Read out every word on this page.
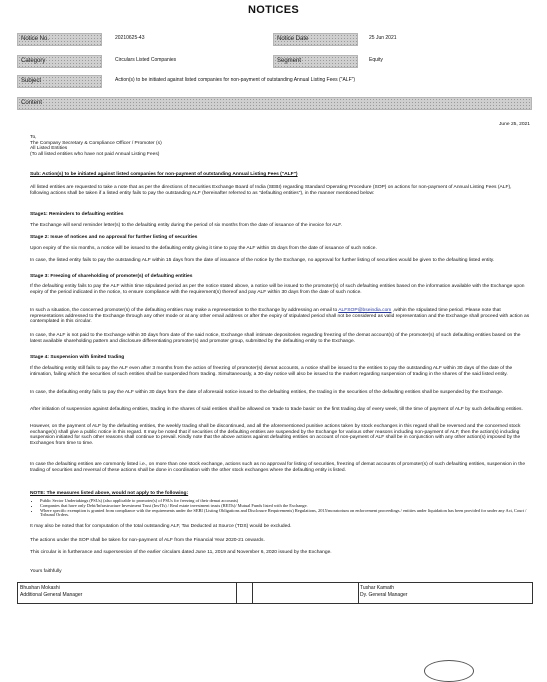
NOTICES
Notice No.	20210625-43	Notice Date	25 Jun 2021
Category	Circulars Listed Companies	Segment	Equity
Subject	Action(s) to be initiated against listed companies for non-payment of outstanding Annual Listing Fees ("ALF")
Content
June 25, 2021

To,

The Company Secretary & Compliance Officer / Promoter (s)

All Listed Entities

(To all listed entities who have not paid Annual Listing Fees)

Sub: Action(s) to be initiated against listed companies for non-payment of outstanding Annual Listing Fees ("ALF")
All listed entities are requested to take a note that as per the directions of Securities Exchange Board of India (SEBI) regarding Standard Operating Procedure (SOP) on actions for non-payment of Annual Listing Fees (ALF), following actions shall be taken if a listed entity fails to pay the outstanding ALF (hereinafter referred to as "defaulting entities"), in the manner mentioned below:
Stage1: Reminders to defaulting entities
The Exchange will send reminder letter(s) to the defaulting entity during the period of six months from the date of issuance of the invoice for ALF.
Stage 2: Issue of notices and no approval for further listing of securities
Upon expiry of the six months, a notice will be issued to the defaulting entity giving it time to pay the ALF within 15 days from the date of issuance of such notice.
In case, the listed entity fails to pay the outstanding ALF within 15 days from the date of issuance of the notice by the Exchange, no approval for further listing of securities would be given to the defaulting listed entity.
Stage 3: Freezing of shareholding of promoter(s) of defaulting entities
If the defaulting entity fails to pay the ALF within time stipulated period as per the notice stated above, a notice will be issued to the promoter(s) of such defaulting entities based on the information available with the Exchange upon expiry of the period indicated in the notice, to ensure compliance with the requirement(s) thereof and pay ALF within 30 days from the date of such notice.
In such a situation, the concerned promoter(s) of the defaulting entities may make a representation to the Exchange by addressing an email to ALFSOP@bseindia.com ,within the stipulated time period. Please note that representations addressed to the Exchange through any other mode or at any other email address or after the expiry of stipulated period shall not be considered as valid representation and the Exchange shall proceed with action as contemplated in this circular.
In case, the ALF is not paid to the Exchange within 30 days from date of the said notice, Exchange shall intimate depositories regarding freezing of the demat account(s) of the promoter(s) of such defaulting entities based on the latest available shareholding pattern and disclosure differentiating promoter(s) and promoter group, submitted by the defaulting entity to the Exchange.
Stage 4: Suspension with limited trading
If the defaulting entity still fails to pay the ALF even after 3 months from the action of freezing of promoter(s) demat accounts, a notice shall be issued to the entities to pay the outstanding ALF within 30 days of the date of the intimation, failing which the securities of such entities shall be suspended from trading. Simultaneously, a 30-day notice will also be issued to the market regarding suspension of trading in the shares of the said listed entity.
In case, the defaulting entity fails to pay the ALF within 30 days from the date of aforesaid notice issued to the defaulting entities, the trading in the securities of the defaulting entities shall be suspended by the Exchange.
After initiation of suspension against defaulting entities, trading in the shares of said entities shall be allowed on 'trade to trade basis' on the first trading day of every week, till the time of payment of ALF by such defaulting entities.
However, on the payment of ALF by the defaulting entities, the weekly trading shall be discontinued, and all the aforementioned punitive actions taken by stock exchanges in this regard shall be reversed and the concerned stock exchange(s) shall give a public notice in this regard. It may be noted that if securities of the defaulting entities are suspended by the Exchange for various other reasons including non-payment of ALF, then the action(s) including suspension initiated for such other reasons shall continue to prevail. Kindly note that the above actions against defaulting entities on account of non-payment of ALF shall be in conjunction with any other action(s) imposed by the Exchanges from time to time.
In case the defaulting entities are commonly listed i.e., on more than one stock exchange, actions such as no approval for listing of securities, freezing of demat accounts of promoter(s) of such defaulting entities, suspension in the trading of securities and reversal of these actions shall be done in coordination with the other stock exchanges where the defaulting entity is listed.
NOTE: The measures listed above, would not apply to the following:
• Public Sector Undertakings (PSUs) (also applicable to promoter(s) of PSUs for freezing of their demat accounts)
• Companies that have only Debt/Infrastructure Investment Trust (InvITs) / Real estate investment trusts (REITs)/ Mutual Funds listed with the Exchange.
• Where specific exemption is granted from compliance with the requirements under the SEBI (Listing Obligations and Disclosure Requirements) Regulations, 2015/moratorium on enforcement proceedings / entities under liquidation has been provided for under any Act, Court / Tribunal Orders.
It may also be noted that for computation of the total outstanding ALF, Tax Deducted at Source (TDS) would be excluded.
The actions under the SOP shall be taken for non-payment of ALF from the Financial Year 2020-21 onwards.
This circular is in furtherance and supersession of the earlier circulars dated June 11, 2019 and November 6, 2020 issued by the Exchange.
Yours faithfully
Bhushan Mokashi
Additional General Manager
Tushar Kamath
Dy. General Manager
